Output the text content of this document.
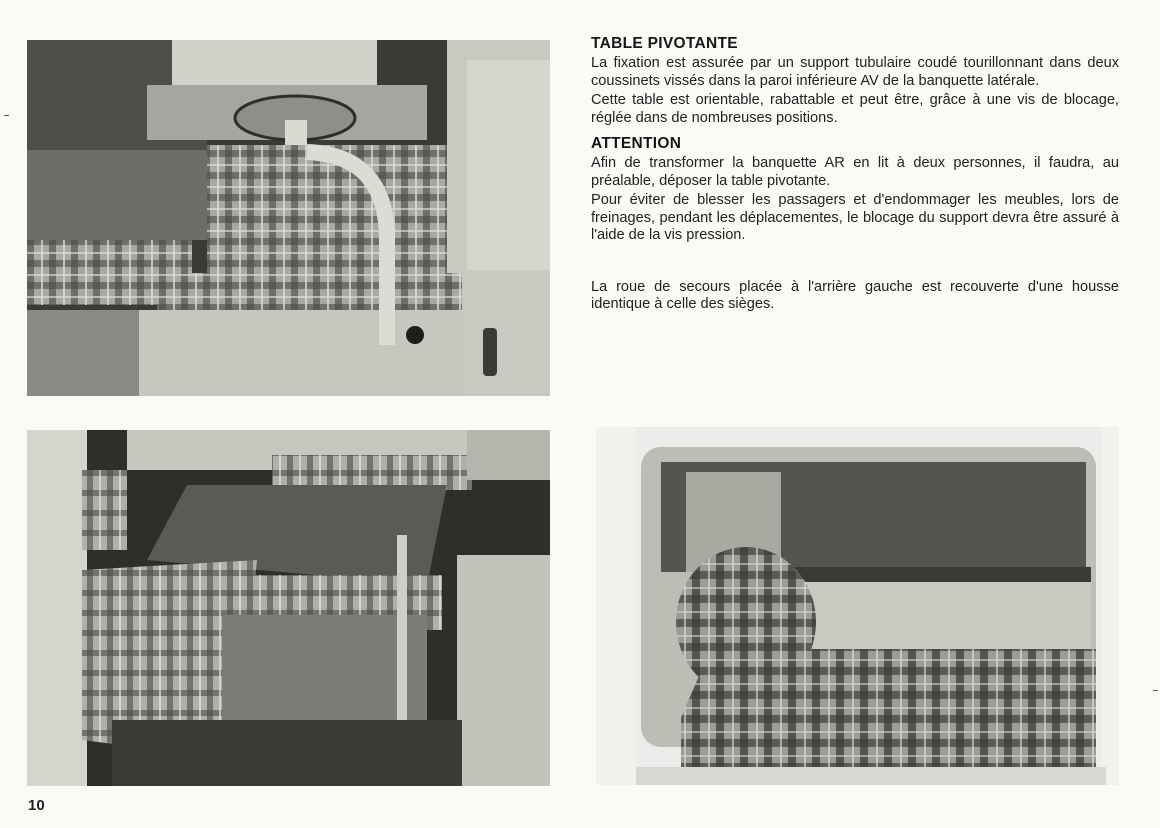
TABLE PIVOTANTE

La fixation est assurée par un support tubulaire coudé tourillonnant dans deux coussinets vissés dans la paroi inférieure AV de la banquette latérale.

Cette table est orientable, rabattable et peut être, grâce à une vis de blocage, réglée dans de nombreuses positions.

ATTENTION

Afin de transformer la banquette AR en lit à deux personnes, il faudra, au préalable, déposer la table pivotante.

Pour éviter de blesser les passagers et d'endommager les meubles, lors de freinages, pendant les déplacementes, le blocage du support devra être assuré à l'aide de la vis pression.

La roue de secours placée à l'arrière gauche est recouverte d'une housse identique à celle des sièges.

10
